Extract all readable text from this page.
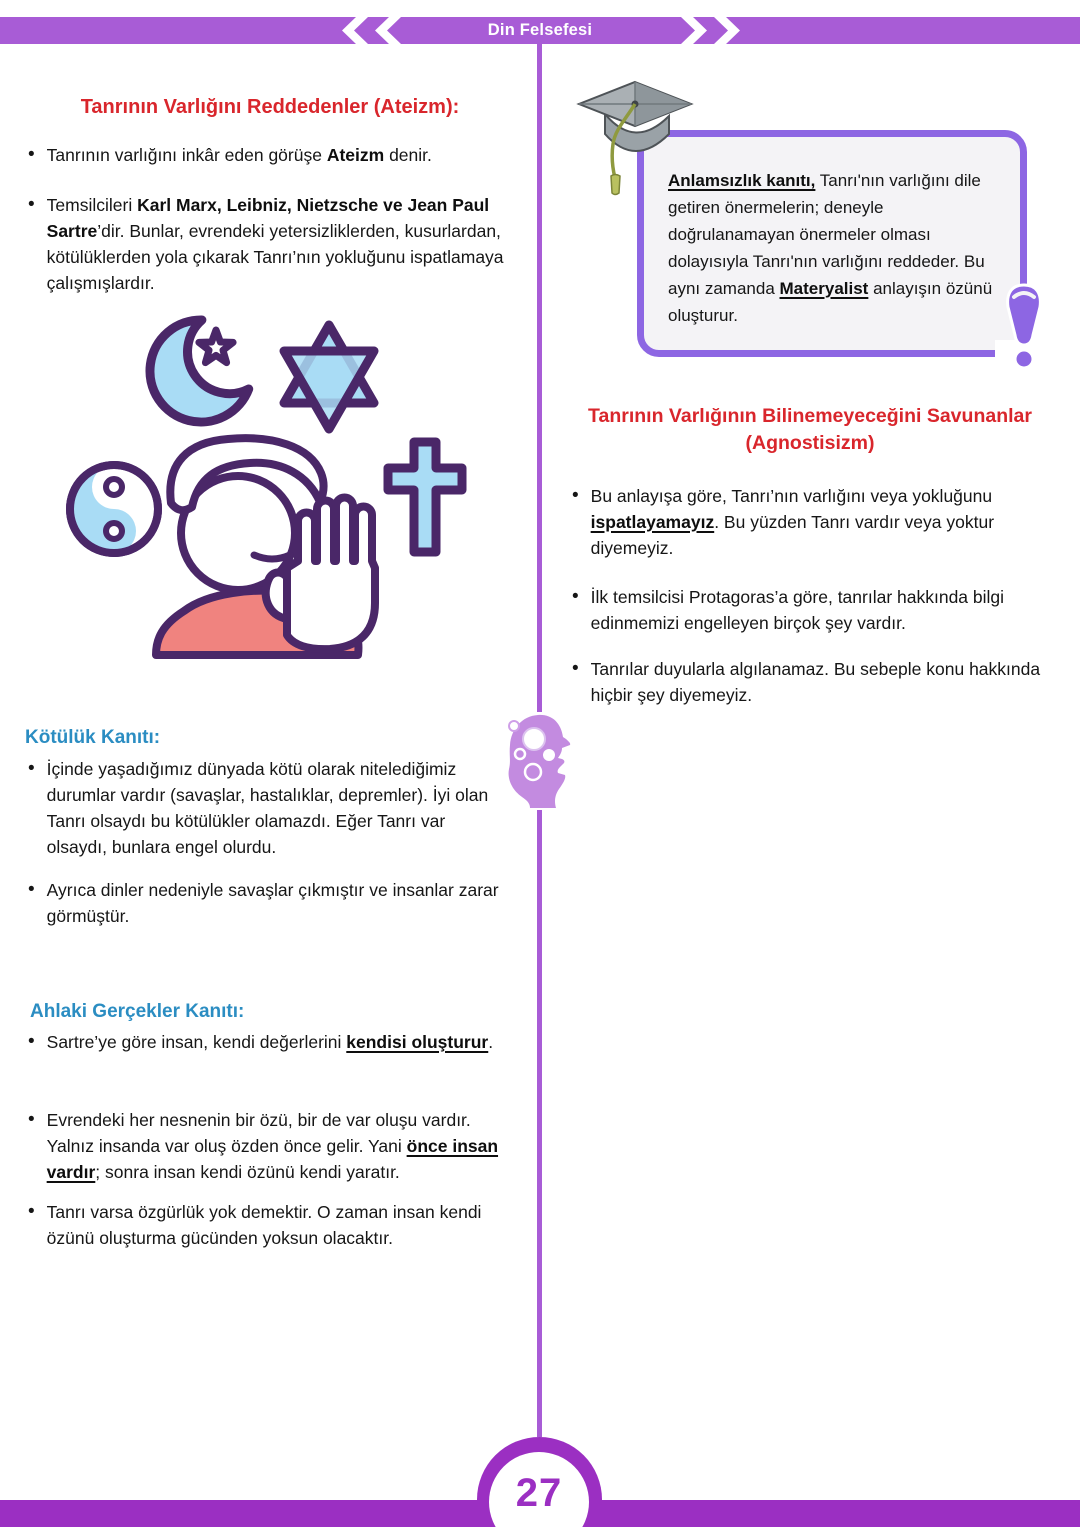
Din Felsefesi
Tanrının Varlığını Reddedenler (Ateizm):
• Tanrının varlığını inkâr eden görüşe Ateizm denir.
• Temsilcileri Karl Marx, Leibniz, Nietzsche ve Jean Paul Sartre’dir. Bunlar, evrendeki yetersizliklerden, kusurlardan, kötülüklerden yola çıkarak Tanrı’nın yokluğunu ispatlamaya çalışmışlardır.
Kötülük Kanıtı:
• İçinde yaşadığımız dünyada kötü olarak nitelediğimiz durumlar vardır (savaşlar, hastalıklar, depremler). İyi olan Tanrı olsaydı bu kötülükler olamazdı. Eğer Tanrı var olsaydı, bunlara engel olurdu.
• Ayrıca dinler nedeniyle savaşlar çıkmıştır ve insanlar zarar görmüştür.
Ahlaki Gerçekler Kanıtı:
• Sartre’ye göre insan, kendi değerlerini kendisi oluşturur.
• Evrendeki her nesnenin bir özü, bir de var oluşu vardır. Yalnız insanda var oluş özden önce gelir. Yani önce insan vardır; sonra insan kendi özünü kendi yaratır.
• Tanrı varsa özgürlük yok demektir. O zaman insan kendi özünü oluşturma gücünden yoksun olacaktır.
Anlamsızlık kanıtı, Tanrı'nın varlığını dile getiren önermelerin; deneyle doğrulanamayan önermeler olması dolayısıyla Tanrı'nın varlığını reddeder. Bu aynı zamanda Materyalist anlayışın özünü oluşturur.
Tanrının Varlığının Bilinemeyeceğini Savunanlar
(Agnostisizm)
• Bu anlayışa göre, Tanrı’nın varlığını veya yokluğunu ispatlayamayız. Bu yüzden Tanrı vardır veya yoktur diyemeyiz.
• İlk temsilcisi Protagoras’a göre, tanrılar hakkında bilgi edinmemizi engelleyen birçok şey vardır.
• Tanrılar duyularla algılanamaz. Bu sebeple konu hakkında hiçbir şey diyemeyiz.
27
